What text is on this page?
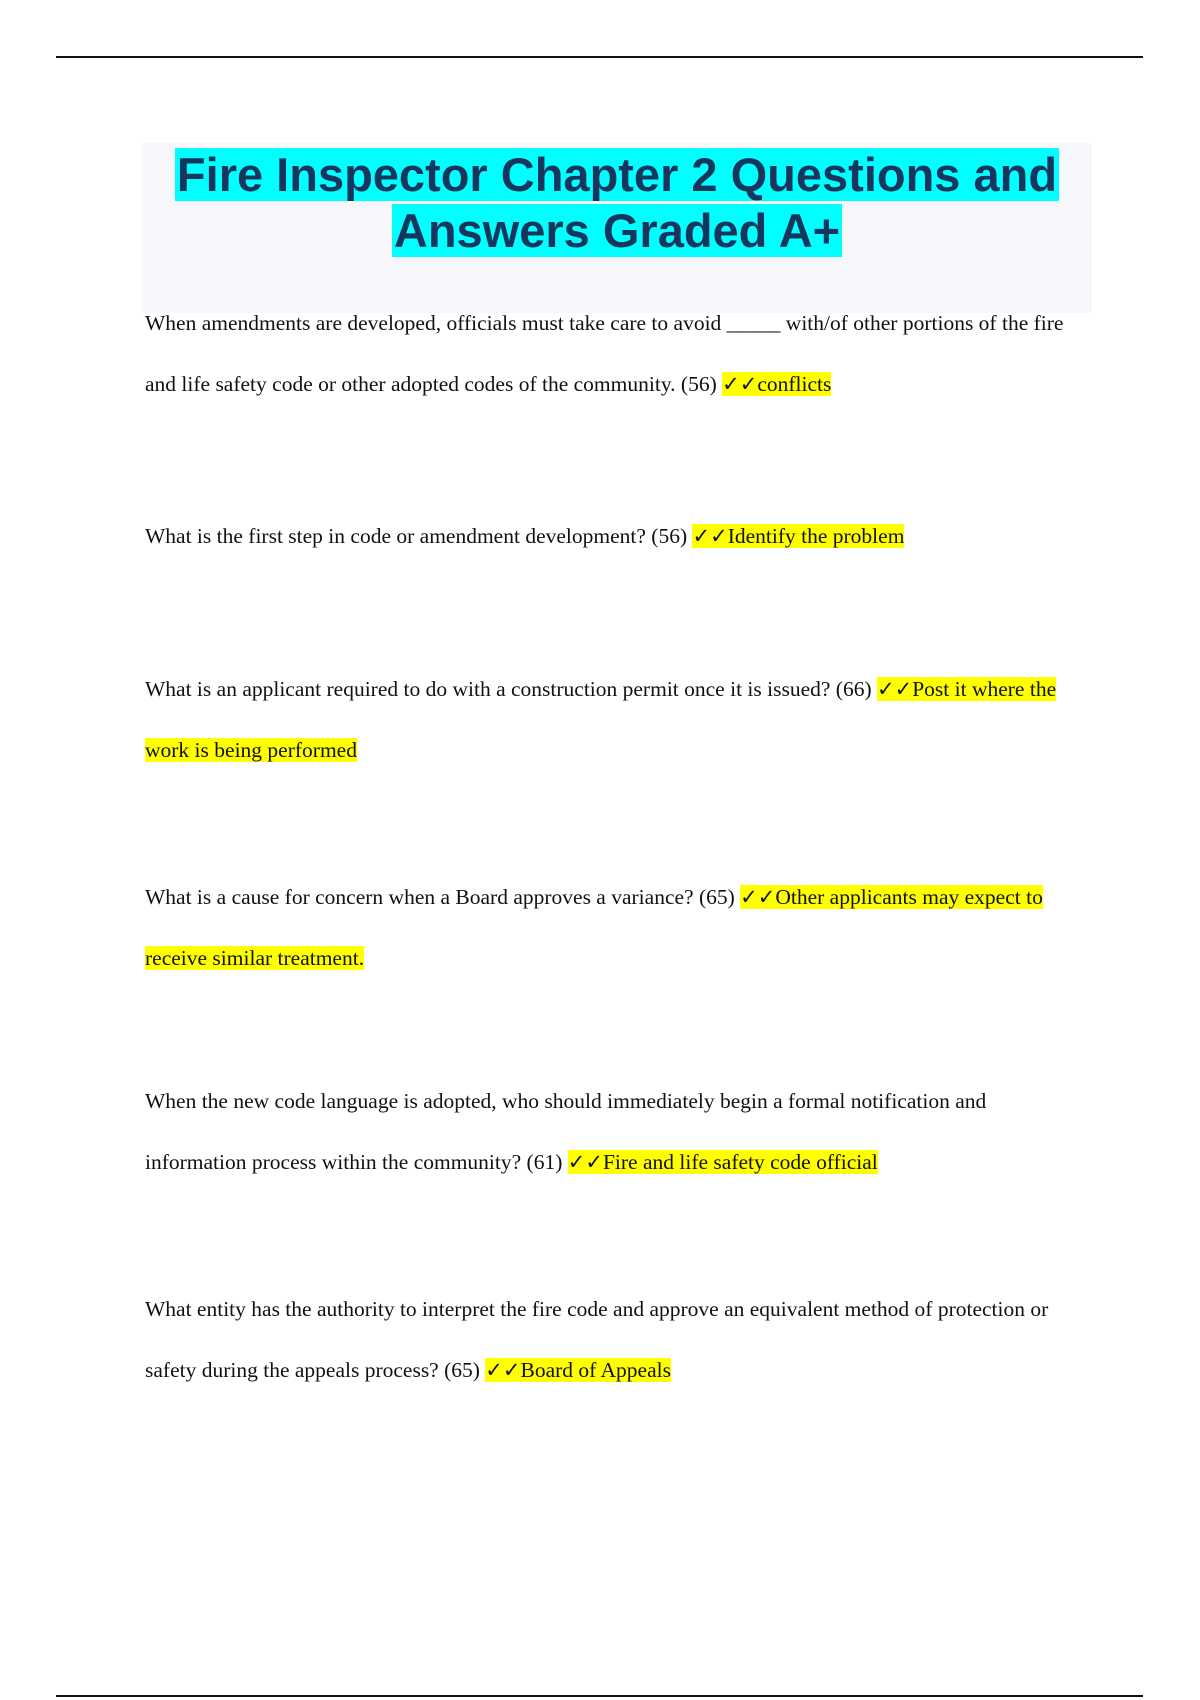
Fire Inspector Chapter 2 Questions and
Answers Graded A+

When amendments are developed, officials must take care to avoid _____ with/of other portions of the fire and life safety code or other adopted codes of the community. (56) ✓✓conflicts

What is the first step in code or amendment development? (56) ✓✓Identify the problem

What is an applicant required to do with a construction permit once it is issued? (66) ✓✓Post it where the work is being performed

What is a cause for concern when a Board approves a variance? (65) ✓✓Other applicants may expect to receive similar treatment.

When the new code language is adopted, who should immediately begin a formal notification and information process within the community? (61) ✓✓Fire and life safety code official

What entity has the authority to interpret the fire code and approve an equivalent method of protection or safety during the appeals process? (65) ✓✓Board of Appeals
